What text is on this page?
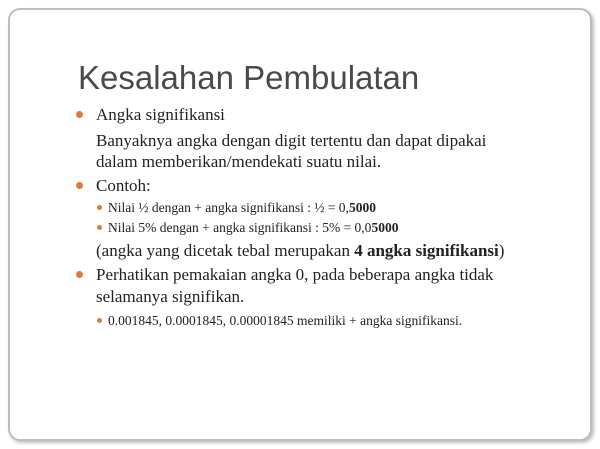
Kesalahan Pembulatan
Angka signifikansi
Banyaknya angka dengan digit tertentu dan dapat dipakai
dalam memberikan/mendekati suatu nilai.
Contoh:
Nilai ½ dengan + angka signifikansi : ½ = 0,5000
Nilai 5% dengan + angka signifikansi : 5% = 0,05000
(angka yang dicetak tebal merupakan 4 angka signifikansi)
Perhatikan pemakaian angka 0, pada beberapa angka tidak
selamanya signifikan.
0.001845, 0.0001845, 0.00001845 memiliki + angka signifikansi.
